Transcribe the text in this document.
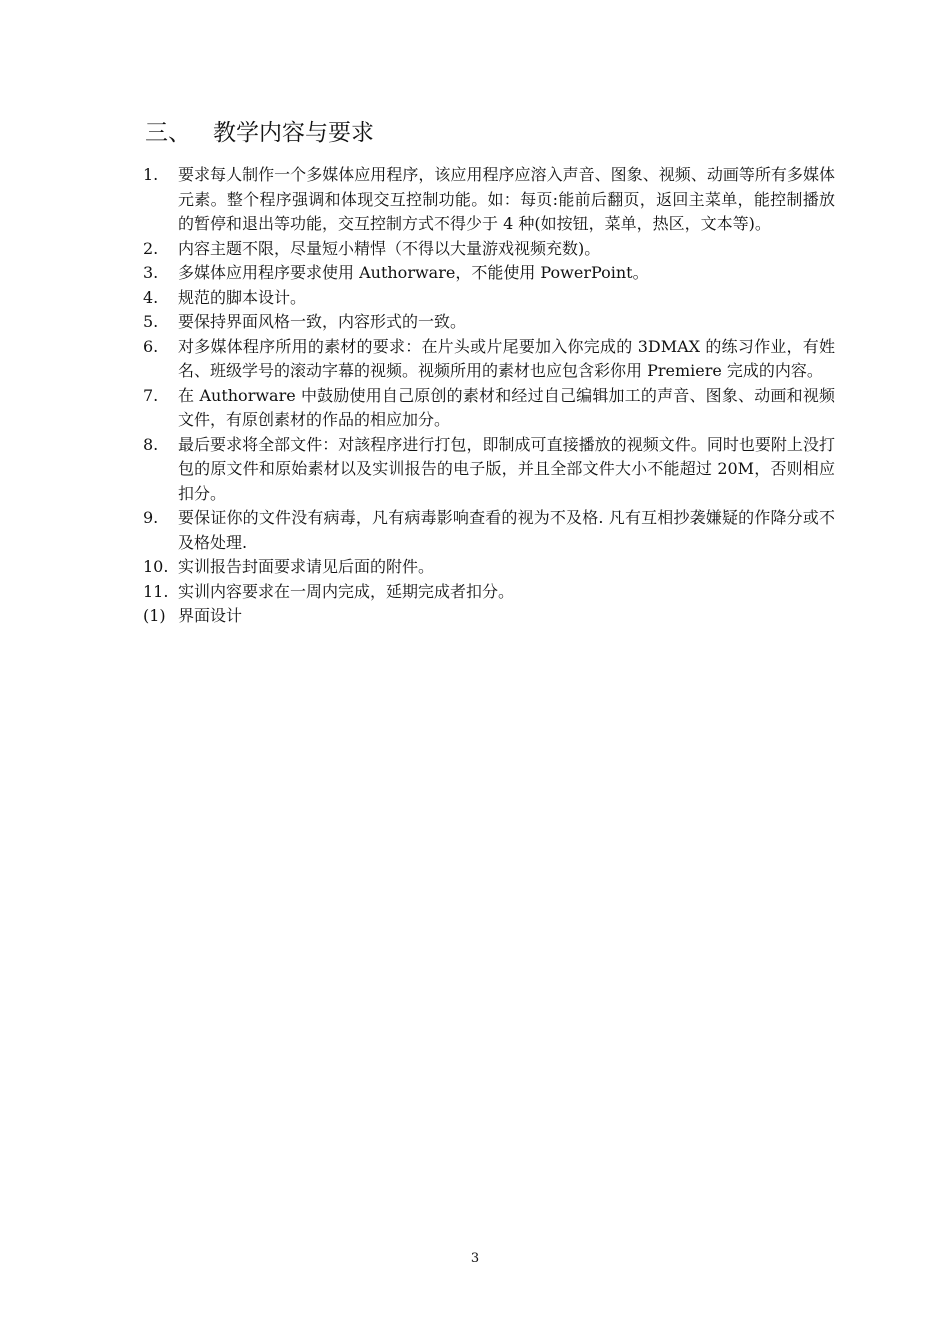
三、 教学内容与要求
1.	要求每人制作一个多媒体应用程序，该应用程序应溶入声音、图象、视频、动画等所有多媒体元素。整个程序强调和体现交互控制功能。如：每页:能前后翻页，返回主菜单，能控制播放的暂停和退出等功能，交互控制方式不得少于 4 种(如按钮，菜单，热区，文本等)。
2.	内容主题不限，尽量短小精悍（不得以大量游戏视频充数)。
3.	多媒体应用程序要求使用 Authorware，不能使用 PowerPoint。
4.	规范的脚本设计。
5.	要保持界面风格一致，内容形式的一致。
6.	对多媒体程序所用的素材的要求：在片头或片尾要加入你完成的 3DMAX 的练习作业，有姓名、班级学号的滚动字幕的视频。视频所用的素材也应包含彩你用 Premiere 完成的内容。
7.	在 Authorware 中鼓励使用自己原创的素材和经过自己编辑加工的声音、图象、动画和视频文件，有原创素材的作品的相应加分。
8.	最后要求将全部文件：对該程序进行打包，即制成可直接播放的视频文件。同时也要附上没打包的原文件和原始素材以及实训报告的电子版，并且全部文件大小不能超过 20M，否则相应扣分。
9.	要保证你的文件没有病毒，凡有病毒影响查看的视为不及格. 凡有互相抄袭嫌疑的作降分或不及格处理.
10. 实训报告封面要求请见后面的附件。
11. 实训内容要求在一周内完成，延期完成者扣分。
(1) 界面设计
3
